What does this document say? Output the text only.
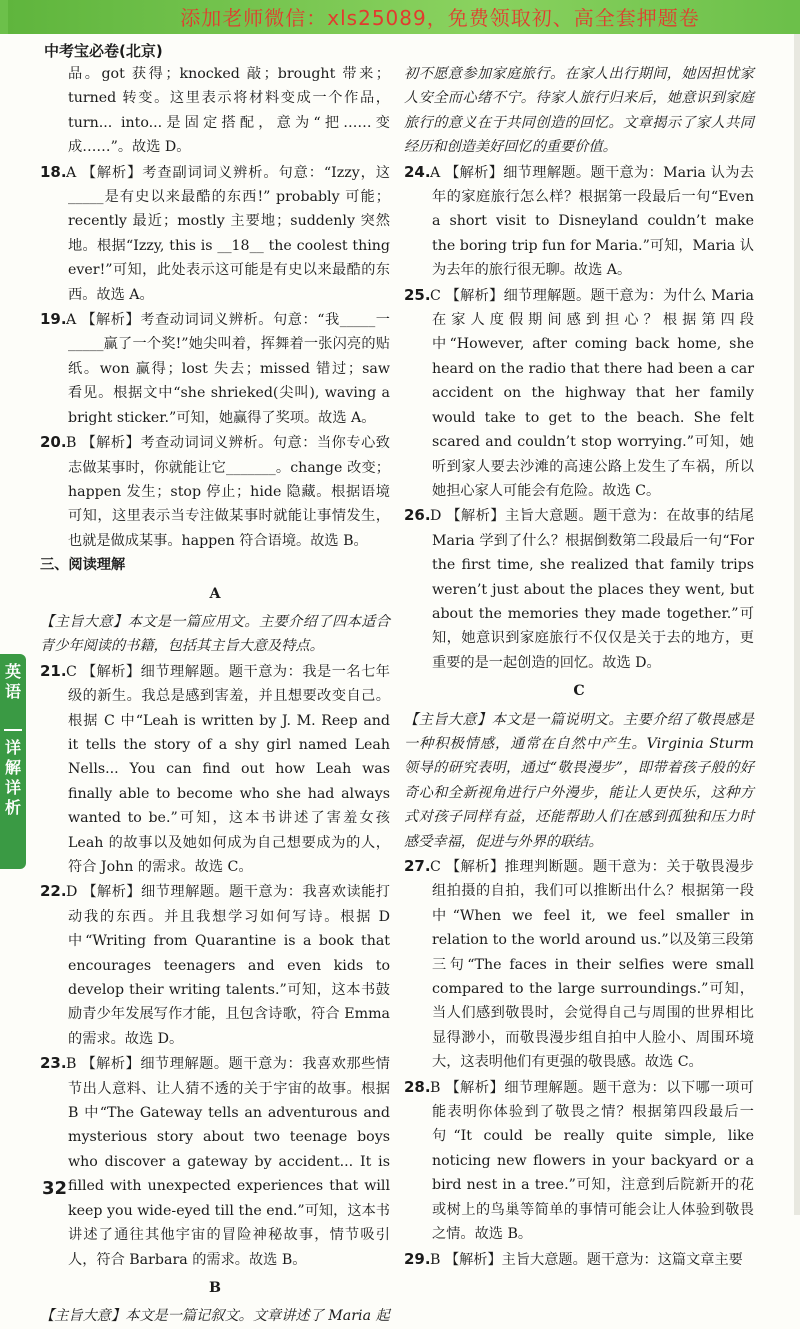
添加老师微信：xls25089，免费领取初、高全套押题卷
中考宝必卷(北京)

品。got 获得；knocked 敲；brought 带来；turned 转变。这里表示将材料变成一个作品，turn... into...是固定搭配，意为“把……变成……”。故选 D。

18.A 【解析】考查副词词义辨析。句意：“Izzy，这_____是有史以来最酷的东西!” probably 可能；recently 最近；mostly 主要地；suddenly 突然地。根据“Izzy, this is __18__ the coolest thing ever!”可知，此处表示这可能是有史以来最酷的东西。故选 A。

19.A 【解析】考查动词词义辨析。句意：“我_____一_____赢了一个奖!”她尖叫着，挥舞着一张闪亮的贴纸。won 赢得；lost 失去；missed 错过；saw 看见。根据文中“she shrieked(尖叫), waving a bright sticker.”可知，她赢得了奖项。故选 A。

20.B 【解析】考查动词词义辨析。句意：当你专心致志做某事时，你就能让它_______。change 改变；happen 发生；stop 停止；hide 隐藏。根据语境可知，这里表示当专注做某事时就能让事情发生，也就是做成某事。happen 符合语境。故选 B。

三、阅读理解

A

【主旨大意】本文是一篇应用文。主要介绍了四本适合青少年阅读的书籍，包括其主旨大意及特点。

21.C 【解析】细节理解题。题干意为：我是一名七年级的新生。我总是感到害羞，并且想要改变自己。根据 C 中“Leah is written by J. M. Reep and it tells the story of a shy girl named Leah Nells... You can find out how Leah was finally able to become who she had always wanted to be.”可知，这本书讲述了害羞女孩 Leah 的故事以及她如何成为自己想要成为的人，符合 John 的需求。故选 C。

22.D 【解析】细节理解题。题干意为：我喜欢读能打动我的东西。并且我想学习如何写诗。根据 D 中“Writing from Quarantine is a book that encourages teenagers and even kids to develop their writing talents.”可知，这本书鼓励青少年发展写作才能，且包含诗歌，符合 Emma 的需求。故选 D。

23.B 【解析】细节理解题。题干意为：我喜欢那些情节出人意料、让人猜不透的关于宇宙的故事。根据 B 中“The Gateway tells an adventurous and mysterious story about two teenage boys who discover a gateway by accident... It is filled with unexpected experiences that will keep you wide-eyed till the end.”可知，这本书讲述了通往其他宇宙的冒险神秘故事，情节吸引人，符合 Barbara 的需求。故选 B。

B

【主旨大意】本文是一篇记叙文。文章讲述了 Maria 起

初不愿意参加家庭旅行。在家人出行期间，她因担忧家人安全而心绪不宁。待家人旅行归来后，她意识到家庭旅行的意义在于共同创造的回忆。文章揭示了家人共同经历和创造美好回忆的重要价值。

24.A 【解析】细节理解题。题干意为：Maria 认为去年的家庭旅行怎么样？根据第一段最后一句“Even a short visit to Disneyland couldn’t make the boring trip fun for Maria.”可知，Maria 认为去年的旅行很无聊。故选 A。

25.C 【解析】细节理解题。题干意为：为什么 Maria 在家人度假期间感到担心？根据第四段中“However, after coming back home, she heard on the radio that there had been a car accident on the highway that her family would take to get to the beach. She felt scared and couldn’t stop worrying.”可知，她听到家人要去沙滩的高速公路上发生了车祸，所以她担心家人可能会有危险。故选 C。

26.D 【解析】主旨大意题。题干意为：在故事的结尾 Maria 学到了什么？根据倒数第二段最后一句“For the first time, she realized that family trips weren’t just about the places they went, but about the memories they made together.”可知，她意识到家庭旅行不仅仅是关于去的地方，更重要的是一起创造的回忆。故选 D。

C

【主旨大意】本文是一篇说明文。主要介绍了敬畏感是一种积极情感，通常在自然中产生。Virginia Sturm 领导的研究表明，通过“敬畏漫步”，即带着孩子般的好奇心和全新视角进行户外漫步，能让人更快乐，这种方式对孩子同样有益，还能帮助人们在感到孤独和压力时感受幸福，促进与外界的联结。

27.C 【解析】推理判断题。题干意为：关于敬畏漫步组拍摄的自拍，我们可以推断出什么？根据第一段中“When we feel it, we feel smaller in relation to the world around us.”以及第三段第三句“The faces in their selfies were small compared to the large surroundings.”可知，当人们感到敬畏时，会觉得自己与周围的世界相比显得渺小，而敬畏漫步组自拍中人脸小、周围环境大，这表明他们有更强的敬畏感。故选 C。

28.B 【解析】细节理解题。题干意为：以下哪一项可能表明你体验到了敬畏之情？根据第四段最后一句“It could be really quite simple, like noticing new flowers in your backyard or a bird nest in a tree.”可知，注意到后院新开的花或树上的鸟巢等简单的事情可能会让人体验到敬畏之情。故选 B。

29.B 【解析】主旨大意题。题干意为：这篇文章主要

英语
详解详析
32
